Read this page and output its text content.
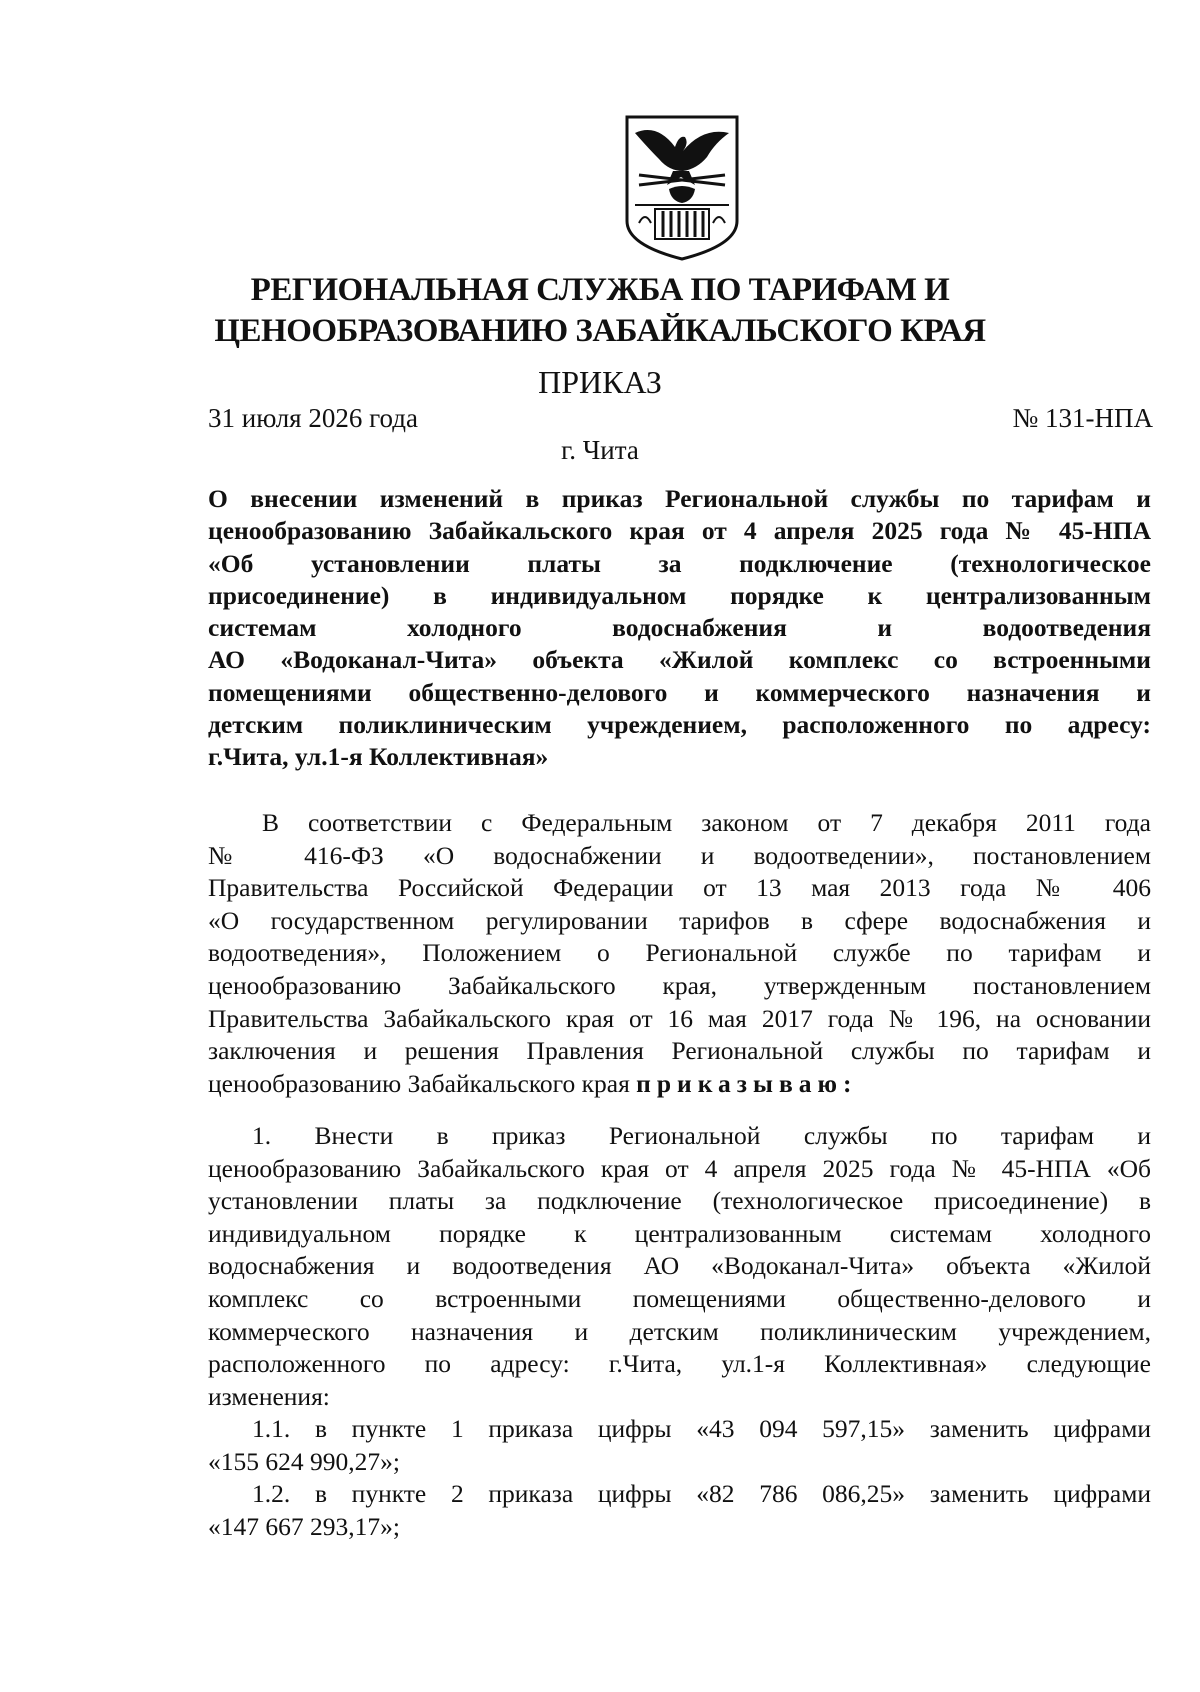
РЕГИОНАЛЬНАЯ СЛУЖБА ПО ТАРИФАМ И
ЦЕНООБРАЗОВАНИЮ ЗАБАЙКАЛЬСКОГО КРАЯ
ПРИКАЗ
31 июля 2026 года	№ 131-НПА
г. Чита
О внесении изменений в приказ Региональной службы по тарифам и
ценообразованию Забайкальского края от 4 апреля 2025 года № 45-НПА
«Об установлении платы за подключение (технологическое
присоединение) в индивидуальном порядке к централизованным
системам холодного водоснабжения и водоотведения
АО «Водоканал-Чита» объекта «Жилой комплекс со встроенными
помещениями общественно-делового и коммерческого назначения и
детским поликлиническим учреждением, расположенного по адресу:
г.Чита, ул.1-я Коллективная»
В соответствии с Федеральным законом от 7 декабря 2011 года
№ 416-ФЗ «О водоснабжении и водоотведении», постановлением
Правительства Российской Федерации от 13 мая 2013 года № 406
«О государственном регулировании тарифов в сфере водоснабжения и
водоотведения», Положением о Региональной службе по тарифам и
ценообразованию Забайкальского края, утвержденным постановлением
Правительства Забайкальского края от 16 мая 2017 года № 196, на основании
заключения и решения Правления Региональной службы по тарифам и
ценообразованию Забайкальского края приказываю:
1. Внести в приказ Региональной службы по тарифам и
ценообразованию Забайкальского края от 4 апреля 2025 года № 45-НПА «Об
установлении платы за подключение (технологическое присоединение) в
индивидуальном порядке к централизованным системам холодного
водоснабжения и водоотведения АО «Водоканал-Чита» объекта «Жилой
комплекс со встроенными помещениями общественно-делового и
коммерческого назначения и детским поликлиническим учреждением,
расположенного по адресу: г.Чита, ул.1-я Коллективная» следующие
изменения:
1.1. в пункте 1 приказа цифры «43 094 597,15» заменить цифрами
«155 624 990,27»;
1.2. в пункте 2 приказа цифры «82 786 086,25» заменить цифрами
«147 667 293,17»;
